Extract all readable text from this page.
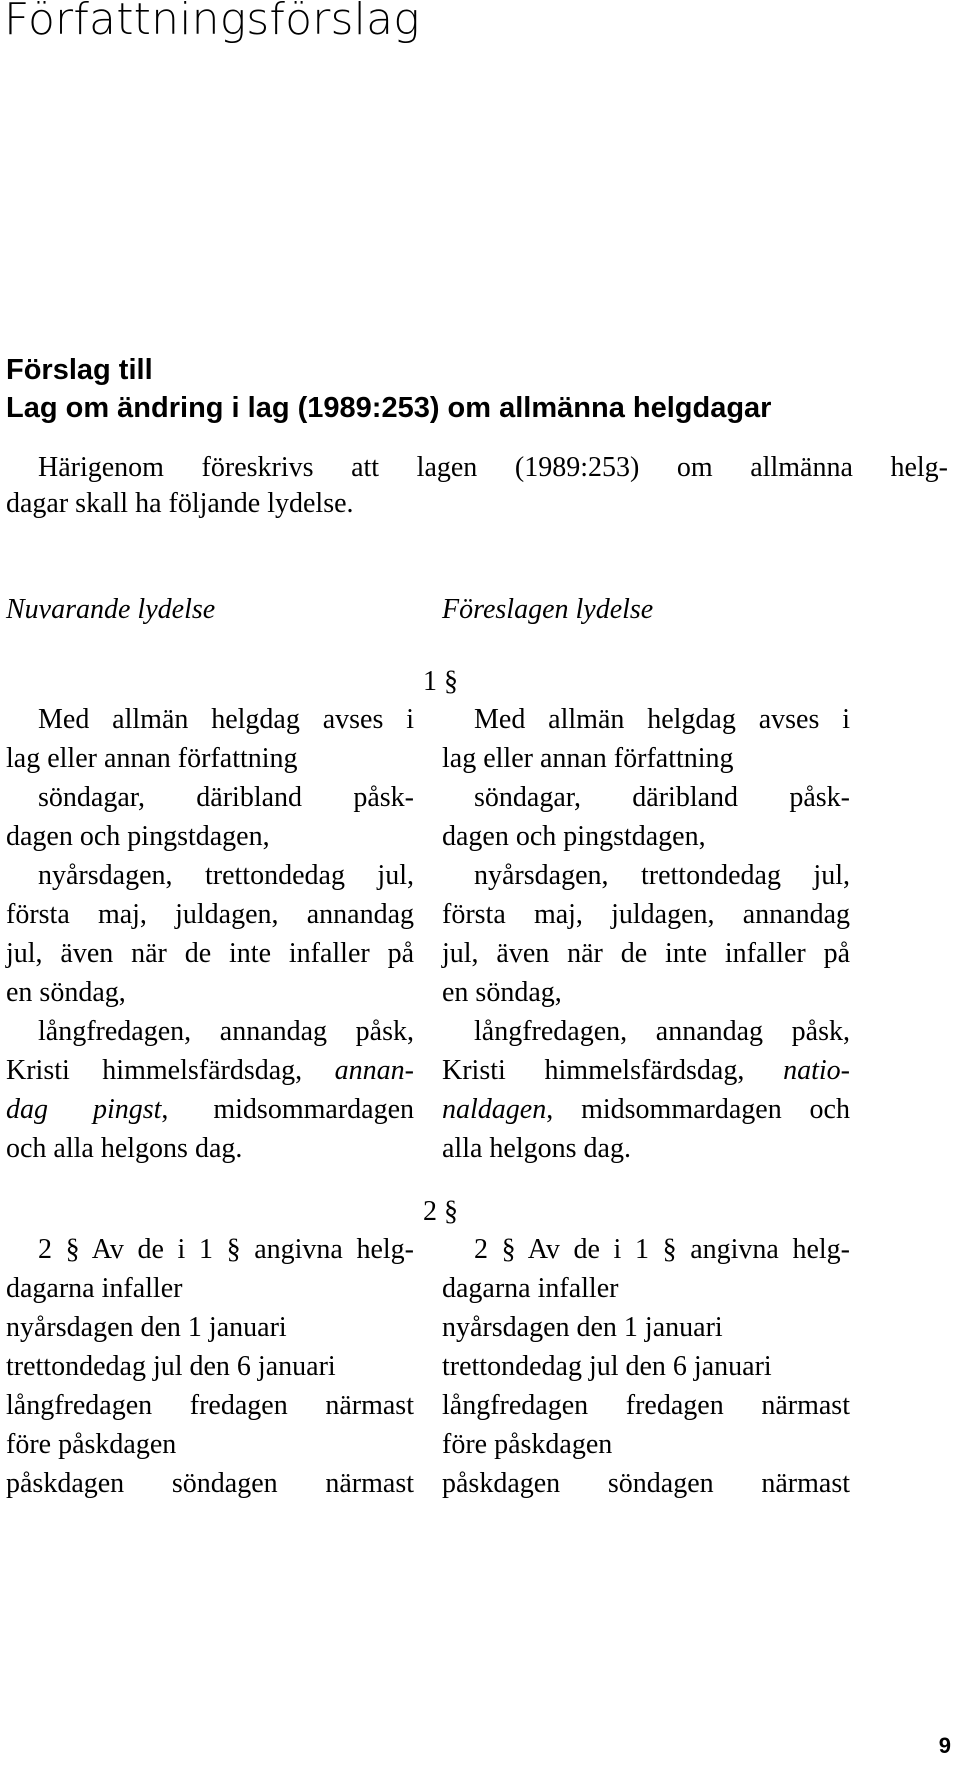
Författningsförslag
Förslag till
Lag om ändring i lag (1989:253) om allmänna helgdagar
Härigenom föreskrivs att lagen (1989:253) om allmänna helg-
dagar skall ha följande lydelse.
Nuvarande lydelse	Föreslagen lydelse
1 §
Med allmän helgdag avses i
lag eller annan författning
söndagar, däribland påsk-
dagen och pingstdagen,
nyårsdagen, trettondedag jul,
första maj, juldagen, annandag
jul, även när de inte infaller på
en söndag,
långfredagen, annandag påsk,
Kristi himmelsfärdsdag, annan-
dag pingst, midsommardagen
och alla helgons dag.
Med allmän helgdag avses i
lag eller annan författning
söndagar, däribland påsk-
dagen och pingstdagen,
nyårsdagen, trettondedag jul,
första maj, juldagen, annandag
jul, även när de inte infaller på
en söndag,
långfredagen, annandag påsk,
Kristi himmelsfärdsdag, natio-
naldagen, midsommardagen och
alla helgons dag.
2 §
2 § Av de i 1 § angivna helg-
dagarna infaller
nyårsdagen den 1 januari
trettondedag jul den 6 januari
långfredagen fredagen närmast
före påskdagen
påskdagen söndagen närmast
2 § Av de i 1 § angivna helg-
dagarna infaller
nyårsdagen den 1 januari
trettondedag jul den 6 januari
långfredagen fredagen närmast
före påskdagen
påskdagen söndagen närmast
9
